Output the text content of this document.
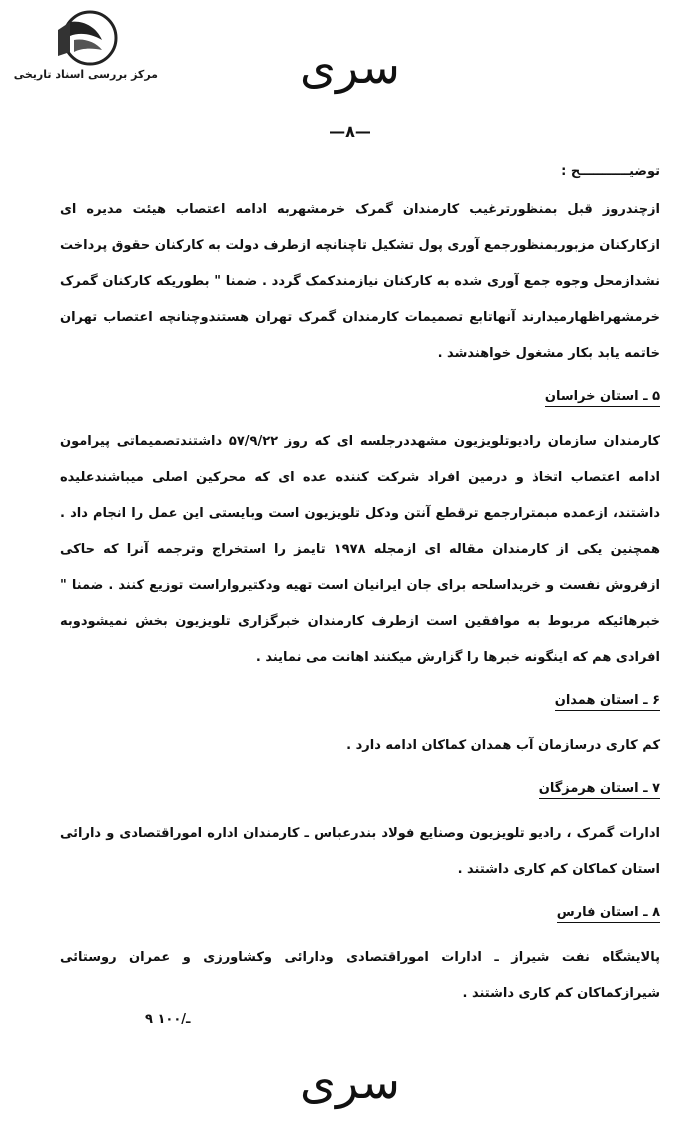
مرکز بررسی اسناد تاریخی	سری
—۸—

توضیـــــــــــح :

ازچندروز قبل بمنظورترغیب کارمندان گمرک خرمشهربه ادامه اعتصاب هیئت مدیره ای ازکارکنان مزبوربمنظورجمع آوری پول تشکیل تاچنانچه ازطرف دولت به کارکنان حقوق پرداخت نشدازمحل وجوه جمع آوری شده به کارکنان نیازمندکمک گردد . ضمنا " بطوریکه کارکنان گمرک خرمشهراظهارمیدارند آنهاتابع تصمیمات کارمندان گمرک تهران هستندوچنانچه اعتصاب تهران خاتمه یابد بکار مشغول خواهندشد .

۵ ـ استان خراسان

کارمندان سازمان رادیوتلویزیون مشهددرجلسه ای که روز ۵۷/۹/۲۲ داشتندتصمیماتی پیرامون ادامه اعتصاب اتخاذ و درمین افراد شرکت کننده عده ای که محرکین اصلی میباشندعلیده داشتند، ازعمده مبمترارجمع ترقطع آنتن ودکل تلویزیون است وبایستی این عمل را انجام داد . همچنین یکی از کارمندان مقاله ای ازمجله ۱۹۷۸ تایمز را استخراج وترجمه آنرا که حاکی ازفروش نفست و خریداسلحه برای جان ایرانیان است تهیه ودکتیرواراست توزیع کنند . ضمنا " خبرهائیکه مربوط به موافقین است ازطرف کارمندان خبرگزاری تلویزیون بخش نمیشودوبه افرادی هم که اینگونه خبرها را گزارش میکنند اهانت می نمایند .

۶ ـ استان همدان

کم کاری درسازمان آب همدان کماکان ادامه دارد .

۷ ـ استان هرمزگان

ادارات گمرک ، رادیو تلویزیون وصنایع فولاد بندرعباس ـ کارمندان اداره اموراقتصادی و دارائی استان کماکان کم کاری داشتند .

۸ ـ استان فارس

پالایشگاه نفت شیراز ـ ادارات اموراقتصادی ودارائی وکشاورزی و عمران روستائی شیرازکماکان کم کاری داشتند .

۹ ـ/۱۰۰
سری
